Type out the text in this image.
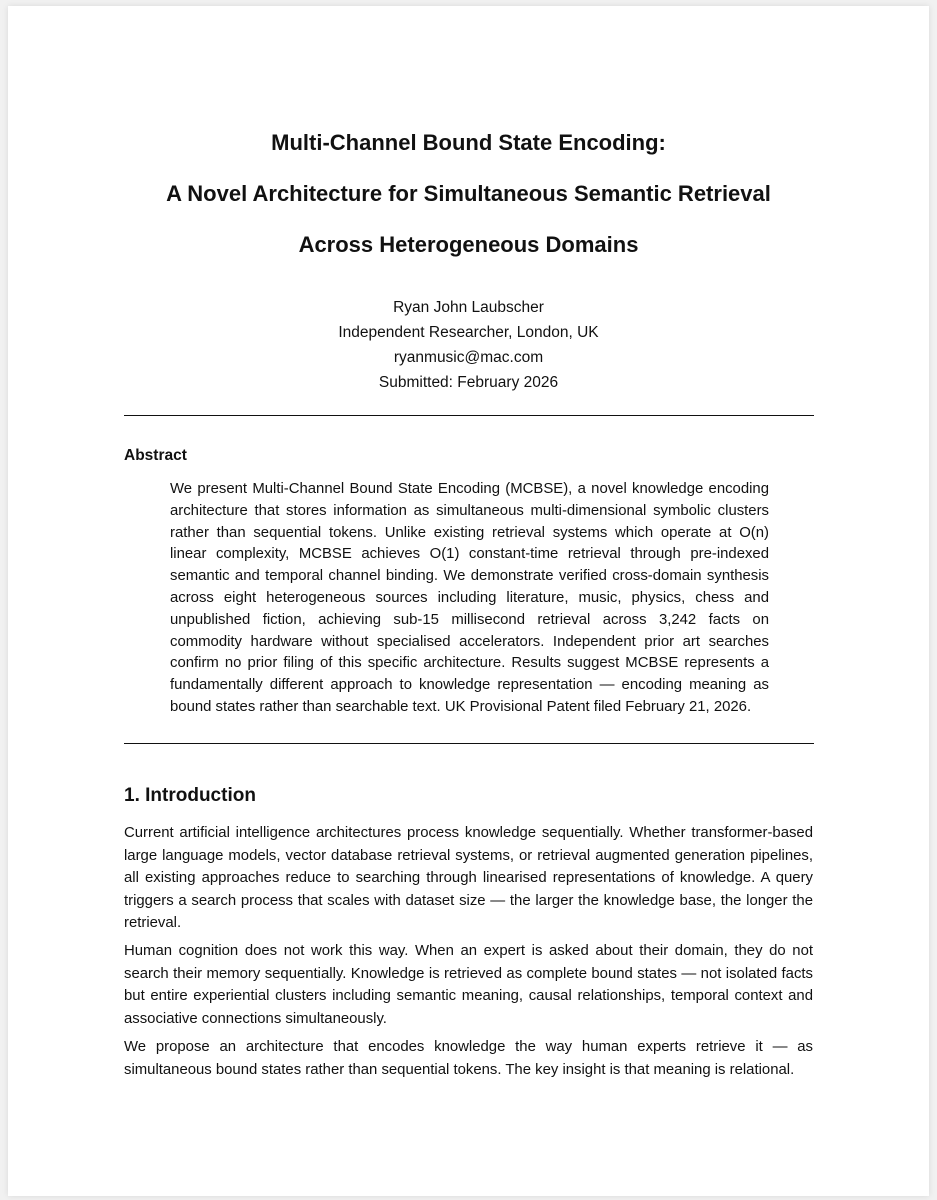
Multi-Channel Bound State Encoding:
A Novel Architecture for Simultaneous Semantic Retrieval
Across Heterogeneous Domains
Ryan John Laubscher
Independent Researcher, London, UK
ryanmusic@mac.com
Submitted: February 2026
Abstract
We present Multi-Channel Bound State Encoding (MCBSE), a novel knowledge encoding architecture that stores information as simultaneous multi-dimensional symbolic clusters rather than sequential tokens. Unlike existing retrieval systems which operate at O(n) linear complexity, MCBSE achieves O(1) constant-time retrieval through pre-indexed semantic and temporal channel binding. We demonstrate verified cross-domain synthesis across eight heterogeneous sources including literature, music, physics, chess and unpublished fiction, achieving sub-15 millisecond retrieval across 3,242 facts on commodity hardware without specialised accelerators. Independent prior art searches confirm no prior filing of this specific architecture. Results suggest MCBSE represents a fundamentally different approach to knowledge representation — encoding meaning as bound states rather than searchable text. UK Provisional Patent filed February 21, 2026.
1. Introduction
Current artificial intelligence architectures process knowledge sequentially. Whether transformer-based large language models, vector database retrieval systems, or retrieval augmented generation pipelines, all existing approaches reduce to searching through linearised representations of knowledge. A query triggers a search process that scales with dataset size — the larger the knowledge base, the longer the retrieval.
Human cognition does not work this way. When an expert is asked about their domain, they do not search their memory sequentially. Knowledge is retrieved as complete bound states — not isolated facts but entire experiential clusters including semantic meaning, causal relationships, temporal context and associative connections simultaneously.
We propose an architecture that encodes knowledge the way human experts retrieve it — as simultaneous bound states rather than sequential tokens. The key insight is that meaning is relational.
